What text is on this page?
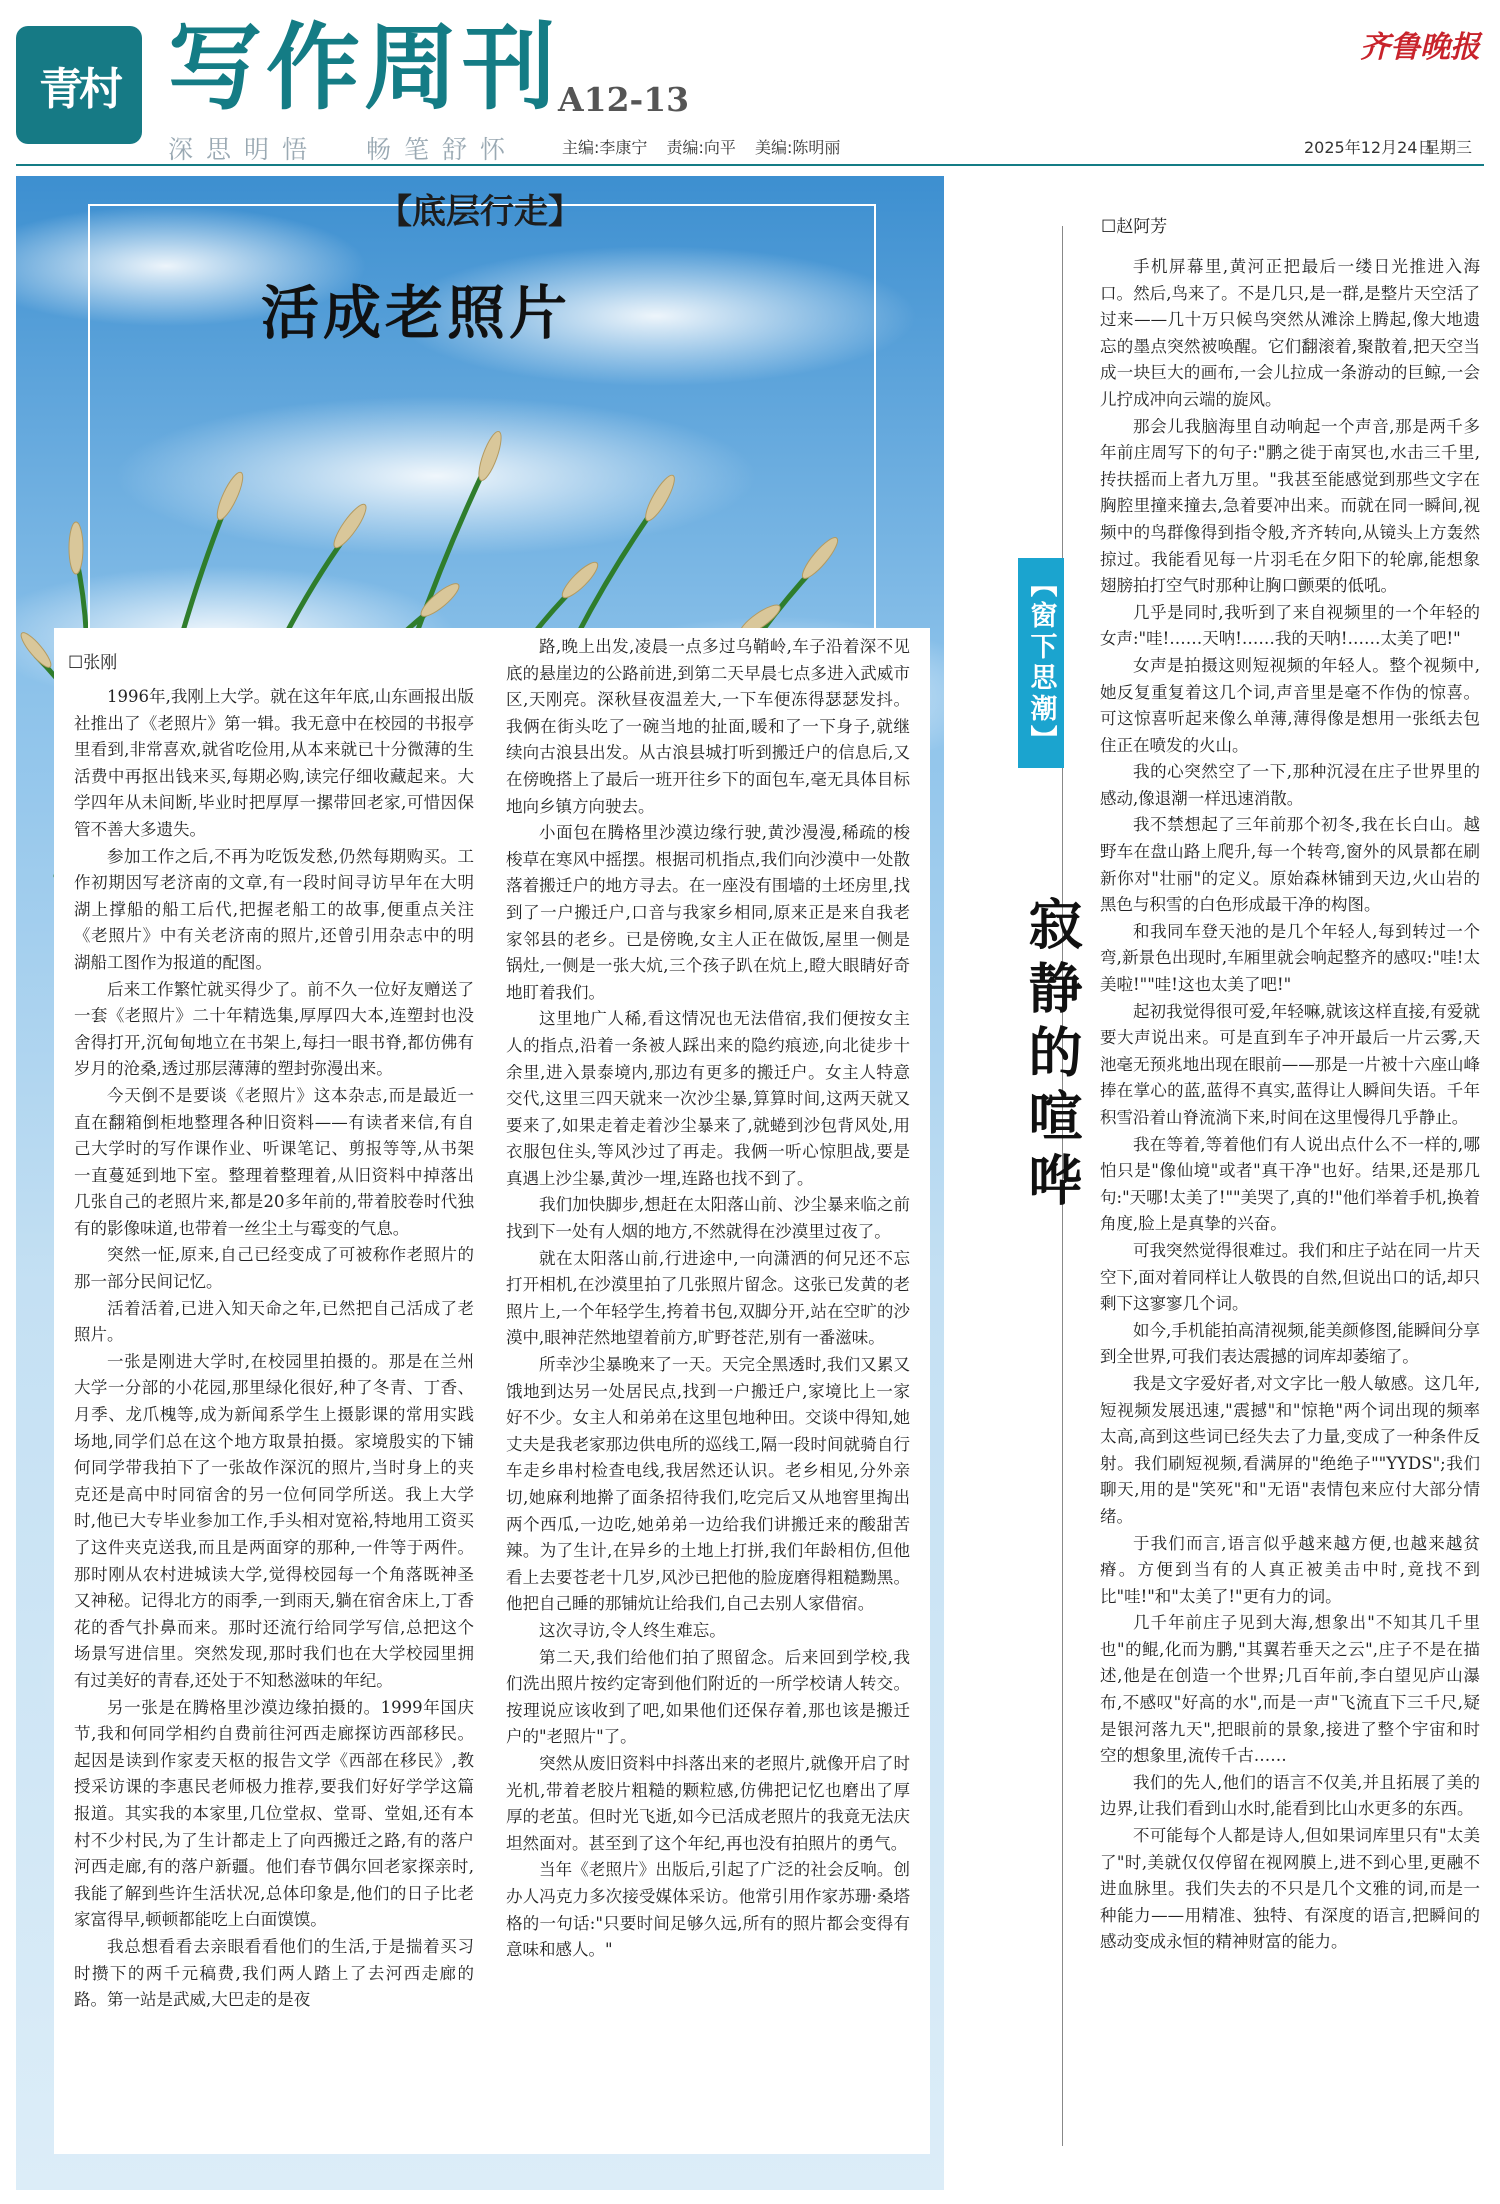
青村 写作周刊
A12-13
深思明悟 畅笔舒怀	主编:李康宁 责编:向平 美编:陈明丽
齐鲁晚报
2025年12月24日
星期三
【底层行走】
活成老照片
☐张刚

1996年,我刚上大学。就在这年年底,山东画报出版社推出了《老照片》第一辑。我无意中在校园的书报亭里看到,非常喜欢,就省吃俭用,从本来就已十分微薄的生活费中再抠出钱来买,每期必购,读完仔细收藏起来。大学四年从未间断,毕业时把厚厚一摞带回老家,可惜因保管不善大多遗失。

参加工作之后,不再为吃饭发愁,仍然每期购买。工作初期因写老济南的文章,有一段时间寻访早年在大明湖上撑船的船工后代,把握老船工的故事,便重点关注《老照片》中有关老济南的照片,还曾引用杂志中的明湖船工图作为报道的配图。

后来工作繁忙就买得少了。前不久一位好友赠送了一套《老照片》二十年精选集,厚厚四大本,连塑封也没舍得打开,沉甸甸地立在书架上,每扫一眼书脊,都仿佛有岁月的沧桑,透过那层薄薄的塑封弥漫出来。

今天倒不是要谈《老照片》这本杂志,而是最近一直在翻箱倒柜地整理各种旧资料——有读者来信,有自己大学时的写作课作业、听课笔记、剪报等等,从书架一直蔓延到地下室。整理着整理着,从旧资料中掉落出几张自己的老照片来,都是20多年前的,带着胶卷时代独有的影像味道,也带着一丝尘土与霉变的气息。

突然一怔,原来,自己已经变成了可被称作老照片的那一部分民间记忆。

活着活着,已进入知天命之年,已然把自己活成了老照片。

一张是刚进大学时,在校园里拍摄的。那是在兰州大学一分部的小花园,那里绿化很好,种了冬青、丁香、月季、龙爪槐等,成为新闻系学生上摄影课的常用实践场地,同学们总在这个地方取景拍摄。家境殷实的下铺何同学带我拍下了一张故作深沉的照片,当时身上的夹克还是高中时同宿舍的另一位何同学所送。我上大学时,他已大专毕业参加工作,手头相对宽裕,特地用工资买了这件夹克送我,而且是两面穿的那种,一件等于两件。那时刚从农村进城读大学,觉得校园每一个角落既神圣又神秘。记得北方的雨季,一到雨天,躺在宿舍床上,丁香花的香气扑鼻而来。那时还流行给同学写信,总把这个场景写进信里。突然发现,那时我们也在大学校园里拥有过美好的青春,还处于不知愁滋味的年纪。

另一张是在腾格里沙漠边缘拍摄的。1999年国庆节,我和何同学相约自费前往河西走廊探访西部移民。起因是读到作家麦天枢的报告文学《西部在移民》,教授采访课的李惠民老师极力推荐,要我们好好学学这篇报道。其实我的本家里,几位堂叔、堂哥、堂姐,还有本村不少村民,为了生计都走上了向西搬迁之路,有的落户河西走廊,有的落户新疆。他们春节偶尔回老家探亲时,我能了解到些许生活状况,总体印象是,他们的日子比老家富得早,顿顿都能吃上白面馍馍。

我总想看看去亲眼看看他们的生活,于是揣着买习时攒下的两千元稿费,我们两人踏上了去河西走廊的路。第一站是武威,大巴走的是夜

路,晚上出发,凌晨一点多过乌鞘岭,车子沿着深不见底的悬崖边的公路前进,到第二天早晨七点多进入武威市区,天刚亮。深秋昼夜温差大,一下车便冻得瑟瑟发抖。我俩在街头吃了一碗当地的扯面,暖和了一下身子,就继续向古浪县出发。从古浪县城打听到搬迁户的信息后,又在傍晚搭上了最后一班开往乡下的面包车,毫无具体目标地向乡镇方向驶去。

小面包在腾格里沙漠边缘行驶,黄沙漫漫,稀疏的梭梭草在寒风中摇摆。根据司机指点,我们向沙漠中一处散落着搬迁户的地方寻去。在一座没有围墙的土坯房里,找到了一户搬迁户,口音与我家乡相同,原来正是来自我老家邻县的老乡。已是傍晚,女主人正在做饭,屋里一侧是锅灶,一侧是一张大炕,三个孩子趴在炕上,瞪大眼睛好奇地盯着我们。

这里地广人稀,看这情况也无法借宿,我们便按女主人的指点,沿着一条被人踩出来的隐约痕迹,向北徒步十余里,进入景泰境内,那边有更多的搬迁户。女主人特意交代,这里三四天就来一次沙尘暴,算算时间,这两天就又要来了,如果走着走着沙尘暴来了,就蜷到沙包背风处,用衣服包住头,等风沙过了再走。我俩一听心惊胆战,要是真遇上沙尘暴,黄沙一埋,连路也找不到了。

我们加快脚步,想赶在太阳落山前、沙尘暴来临之前找到下一处有人烟的地方,不然就得在沙漠里过夜了。

就在太阳落山前,行进途中,一向潇洒的何兄还不忘打开相机,在沙漠里拍了几张照片留念。这张已发黄的老照片上,一个年轻学生,挎着书包,双脚分开,站在空旷的沙漠中,眼神茫然地望着前方,旷野苍茫,别有一番滋味。

所幸沙尘暴晚来了一天。天完全黑透时,我们又累又饿地到达另一处居民点,找到一户搬迁户,家境比上一家好不少。女主人和弟弟在这里包地种田。交谈中得知,她丈夫是我老家那边供电所的巡线工,隔一段时间就骑自行车走乡串村检查电线,我居然还认识。老乡相见,分外亲切,她麻利地擀了面条招待我们,吃完后又从地窖里掏出两个西瓜,一边吃,她弟弟一边给我们讲搬迁来的酸甜苦辣。为了生计,在异乡的土地上打拼,我们年龄相仿,但他看上去要苍老十几岁,风沙已把他的脸庞磨得粗糙黝黑。他把自己睡的那铺炕让给我们,自己去别人家借宿。

这次寻访,令人终生难忘。

第二天,我们给他们拍了照留念。后来回到学校,我们洗出照片按约定寄到他们附近的一所学校请人转交。按理说应该收到了吧,如果他们还保存着,那也该是搬迁户的"老照片"了。

突然从废旧资料中抖落出来的老照片,就像开启了时光机,带着老胶片粗糙的颗粒感,仿佛把记忆也磨出了厚厚的老茧。但时光飞逝,如今已活成老照片的我竟无法庆坦然面对。甚至到了这个年纪,再也没有拍照片的勇气。

当年《老照片》出版后,引起了广泛的社会反响。创办人冯克力多次接受媒体采访。他常引用作家苏珊·桑塔格的一句话:"只要时间足够久远,所有的照片都会变得有意味和感人。"

【窗下思潮】
寂静的喧哗
☐赵阿芳

手机屏幕里,黄河正把最后一缕日光推进入海口。然后,鸟来了。不是几只,是一群,是整片天空活了过来——几十万只候鸟突然从滩涂上腾起,像大地遗忘的墨点突然被唤醒。它们翻滚着,聚散着,把天空当成一块巨大的画布,一会儿拉成一条游动的巨鲸,一会儿拧成冲向云端的旋风。

那会儿我脑海里自动响起一个声音,那是两千多年前庄周写下的句子:"鹏之徙于南冥也,水击三千里,抟扶摇而上者九万里。"我甚至能感觉到那些文字在胸腔里撞来撞去,急着要冲出来。而就在同一瞬间,视频中的鸟群像得到指令般,齐齐转向,从镜头上方轰然掠过。我能看见每一片羽毛在夕阳下的轮廓,能想象翅膀拍打空气时那种让胸口颤栗的低吼。

几乎是同时,我听到了来自视频里的一个年轻的女声:"哇!……天呐!……我的天呐!……太美了吧!"

女声是拍摄这则短视频的年轻人。整个视频中,她反复重复着这几个词,声音里是毫不作伪的惊喜。可这惊喜听起来像么单薄,薄得像是想用一张纸去包住正在喷发的火山。

我的心突然空了一下,那种沉浸在庄子世界里的感动,像退潮一样迅速消散。

我不禁想起了三年前那个初冬,我在长白山。越野车在盘山路上爬升,每一个转弯,窗外的风景都在刷新你对"壮丽"的定义。原始森林铺到天边,火山岩的黑色与积雪的白色形成最干净的构图。

和我同车登天池的是几个年轻人,每到转过一个弯,新景色出现时,车厢里就会响起整齐的感叹:"哇!太美啦!""哇!这也太美了吧!"

起初我觉得很可爱,年轻嘛,就该这样直接,有爱就要大声说出来。可是直到车子冲开最后一片云雾,天池毫无预兆地出现在眼前——那是一片被十六座山峰捧在掌心的蓝,蓝得不真实,蓝得让人瞬间失语。千年积雪沿着山脊流淌下来,时间在这里慢得几乎静止。

我在等着,等着他们有人说出点什么不一样的,哪怕只是"像仙境"或者"真干净"也好。结果,还是那几句:"天哪!太美了!""美哭了,真的!"他们举着手机,换着角度,脸上是真挚的兴奋。

可我突然觉得很难过。我们和庄子站在同一片天空下,面对着同样让人敬畏的自然,但说出口的话,却只剩下这寥寥几个词。

如今,手机能拍高清视频,能美颜修图,能瞬间分享到全世界,可我们表达震撼的词库却萎缩了。

我是文字爱好者,对文字比一般人敏感。这几年,短视频发展迅速,"震撼"和"惊艳"两个词出现的频率太高,高到这些词已经失去了力量,变成了一种条件反射。我们刷短视频,看满屏的"绝绝子""YYDS";我们聊天,用的是"笑死"和"无语"表情包来应付大部分情绪。

于我们而言,语言似乎越来越方便,也越来越贫瘠。方便到当有的人真正被美击中时,竟找不到比"哇!"和"太美了!"更有力的词。

几千年前庄子见到大海,想象出"不知其几千里也"的鲲,化而为鹏,"其翼若垂天之云",庄子不是在描述,他是在创造一个世界;几百年前,李白望见庐山瀑布,不感叹"好高的水",而是一声"飞流直下三千尺,疑是银河落九天",把眼前的景象,接进了整个宇宙和时空的想象里,流传千古……

我们的先人,他们的语言不仅美,并且拓展了美的边界,让我们看到山水时,能看到比山水更多的东西。

不可能每个人都是诗人,但如果词库里只有"太美了"时,美就仅仅停留在视网膜上,进不到心里,更融不进血脉里。我们失去的不只是几个文雅的词,而是一种能力——用精准、独特、有深度的语言,把瞬间的感动变成永恒的精神财富的能力。
